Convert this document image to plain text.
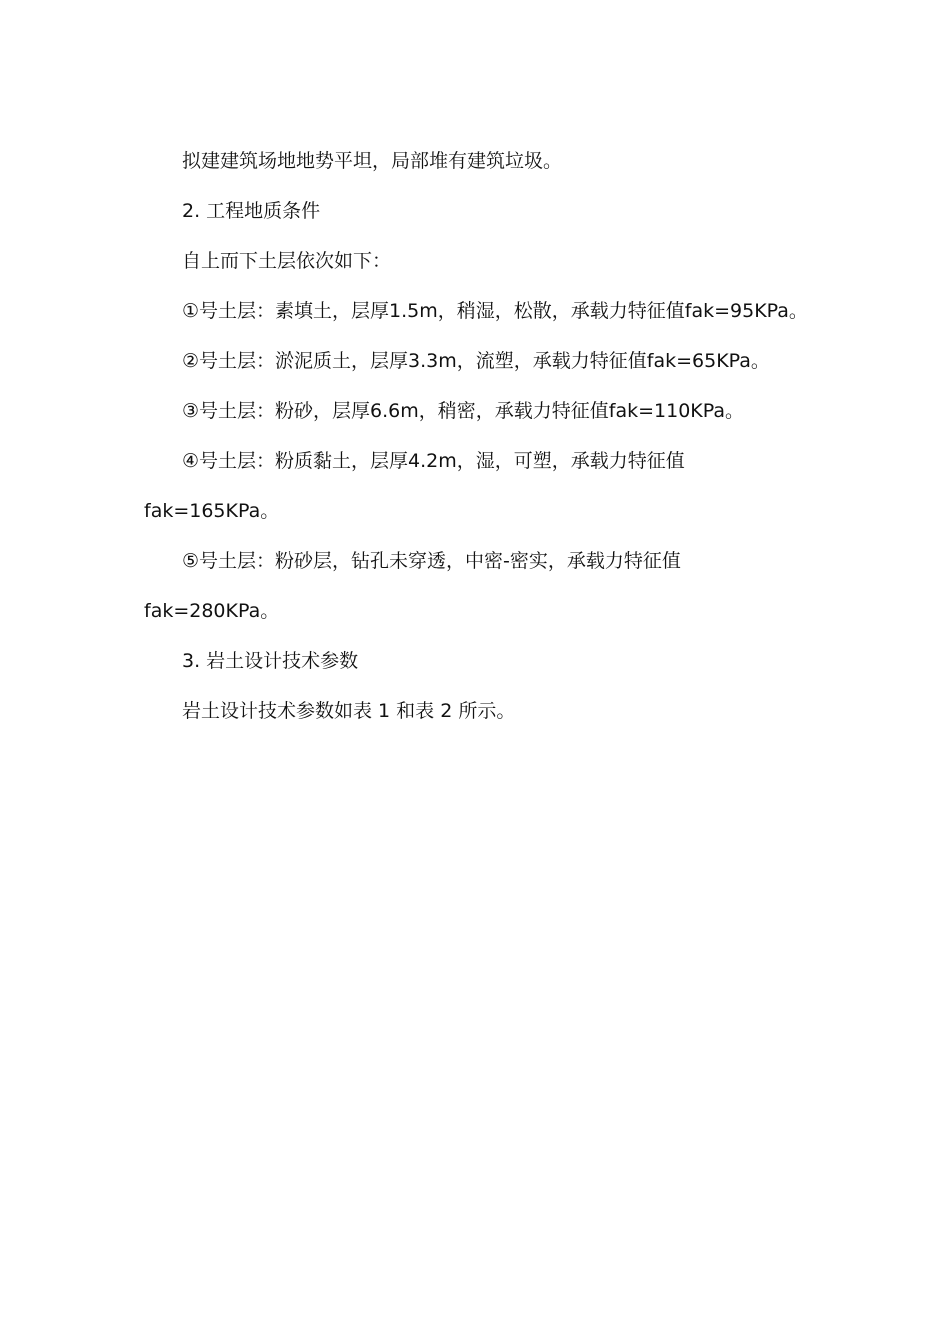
拟建建筑场地地势平坦，局部堆有建筑垃圾。

2. 工程地质条件

自上而下土层依次如下：

①号土层：素填土，层厚1.5m，稍湿，松散，承载力特征值fak=95KPa。

②号土层：淤泥质土，层厚3.3m，流塑，承载力特征值fak=65KPa。

③号土层：粉砂，层厚6.6m，稍密，承载力特征值fak=110KPa。

④号土层：粉质黏土，层厚4.2m，湿，可塑，承载力特征值

fak=165KPa。

⑤号土层：粉砂层，钻孔未穿透，中密-密实，承载力特征值

fak=280KPa。

3. 岩土设计技术参数

岩土设计技术参数如表 1 和表 2 所示。
